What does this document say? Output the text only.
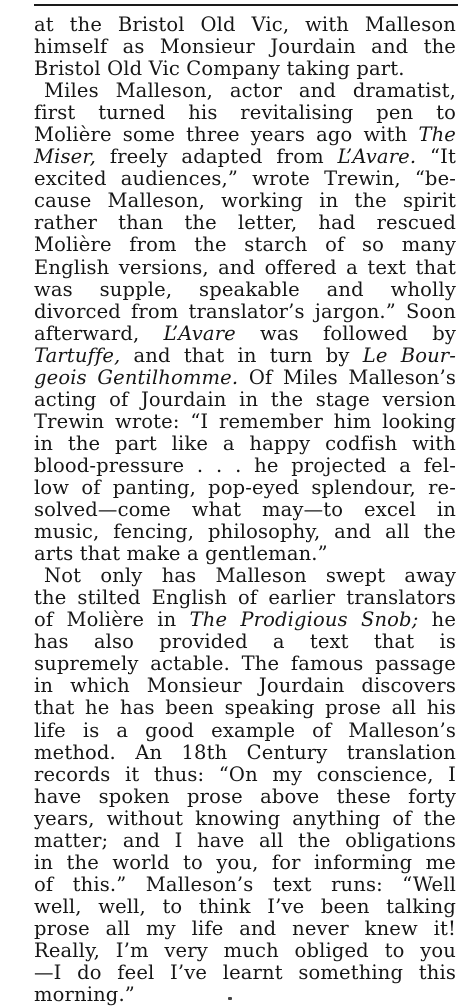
at the Bristol Old Vic, with Malleson
himself as Monsieur Jourdain and the
Bristol Old Vic Company taking part.
Miles Malleson, actor and dramatist,
first turned his revitalising pen to
Molière some three years ago with The
Miser, freely adapted from L’Avare. “It
excited audiences,” wrote Trewin, “be-
cause Malleson, working in the spirit
rather than the letter, had rescued
Molière from the starch of so many
English versions, and offered a text that
was supple, speakable and wholly
divorced from translator’s jargon.” Soon
afterward, L’Avare was followed by
Tartuffe, and that in turn by Le Bour-
geois Gentilhomme. Of Miles Malleson’s
acting of Jourdain in the stage version
Trewin wrote: “I remember him looking
in the part like a happy codfish with
blood-pressure . . . he projected a fel-
low of panting, pop-eyed splendour, re-
solved—come what may—to excel in
music, fencing, philosophy, and all the
arts that make a gentleman.”
Not only has Malleson swept away
the stilted English of earlier translators
of Molière in The Prodigious Snob; he
has also provided a text that is
supremely actable. The famous passage
in which Monsieur Jourdain discovers
that he has been speaking prose all his
life is a good example of Malleson’s
method. An 18th Century translation
records it thus: “On my conscience, I
have spoken prose above these forty
years, without knowing anything of the
matter; and I have all the obligations
in the world to you, for informing me
of this.” Malleson’s text runs: “Well
well, well, to think I’ve been talking
prose all my life and never knew it!
Really, I’m very much obliged to you
—I do feel I’ve learnt something this
morning.”
